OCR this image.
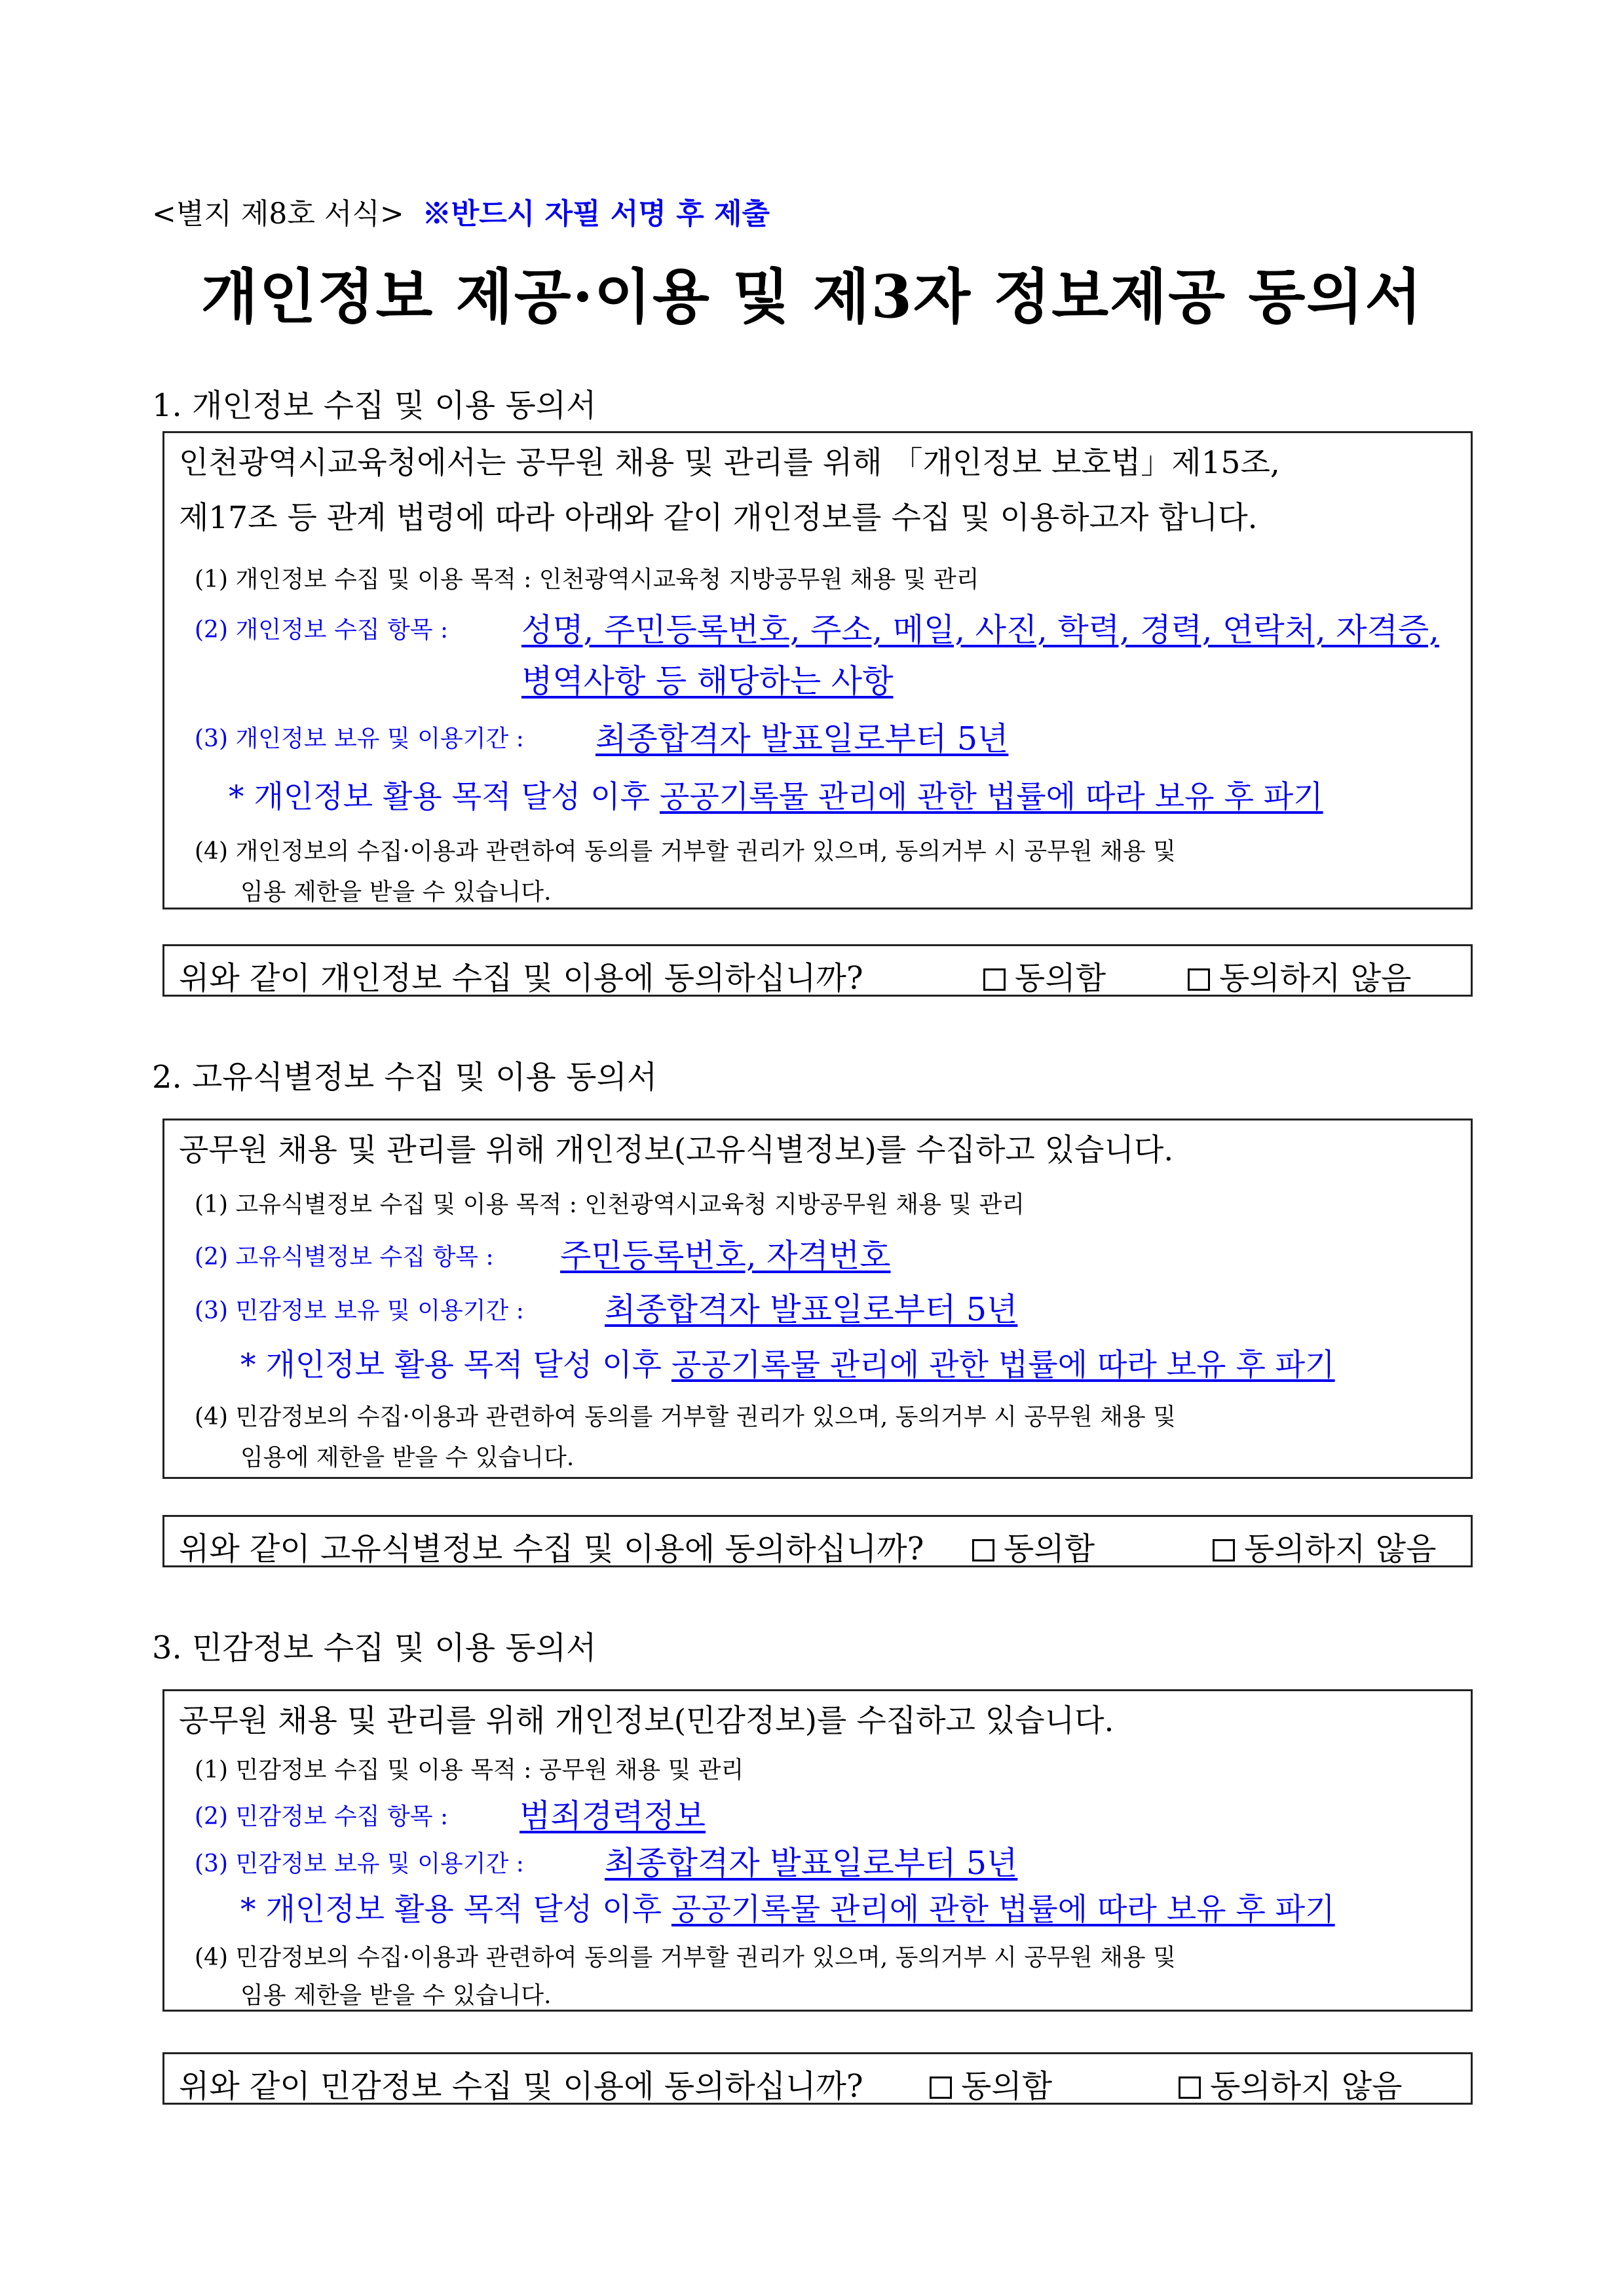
<별지 제8호 서식> ※반드시 자필 서명 후 제출
개인정보 제공·이용 및 제3자 정보제공 동의서
1. 개인정보 수집 및 이용 동의서
인천광역시교육청에서는 공무원 채용 및 관리를 위해 「개인정보 보호법」제15조,
제17조 등 관계 법령에 따라 아래와 같이 개인정보를 수집 및 이용하고자 합니다.
(1) 개인정보 수집 및 이용 목적 : 인천광역시교육청 지방공무원 채용 및 관리
(2) 개인정보 수집 항목 : 성명, 주민등록번호, 주소, 메일, 사진, 학력, 경력, 연락처, 자격증,
병역사항 등 해당하는 사항
(3) 개인정보 보유 및 이용기간 : 최종합격자 발표일로부터 5년
* 개인정보 활용 목적 달성 이후 공공기록물 관리에 관한 법률에 따라 보유 후 파기
(4) 개인정보의 수집·이용과 관련하여 동의를 거부할 권리가 있으며, 동의거부 시 공무원 채용 및
임용 제한을 받을 수 있습니다.
위와 같이 개인정보 수집 및 이용에 동의하십니까?	동의함	동의하지 않음
2. 고유식별정보 수집 및 이용 동의서
공무원 채용 및 관리를 위해 개인정보(고유식별정보)를 수집하고 있습니다.
(1) 고유식별정보 수집 및 이용 목적 : 인천광역시교육청 지방공무원 채용 및 관리
(2) 고유식별정보 수집 항목 : 주민등록번호, 자격번호
(3) 민감정보 보유 및 이용기간 :	최종합격자 발표일로부터 5년
* 개인정보 활용 목적 달성 이후 공공기록물 관리에 관한 법률에 따라 보유 후 파기
(4) 민감정보의 수집·이용과 관련하여 동의를 거부할 권리가 있으며, 동의거부 시 공무원 채용 및
임용에 제한을 받을 수 있습니다.
위와 같이 고유식별정보 수집 및 이용에 동의하십니까?	동의함	동의하지 않음
3. 민감정보 수집 및 이용 동의서
공무원 채용 및 관리를 위해 개인정보(민감정보)를 수집하고 있습니다.
(1) 민감정보 수집 및 이용 목적 : 공무원 채용 및 관리
(2) 민감정보 수집 항목 : 범죄경력정보
(3) 민감정보 보유 및 이용기간 :	최종합격자 발표일로부터 5년
* 개인정보 활용 목적 달성 이후 공공기록물 관리에 관한 법률에 따라 보유 후 파기
(4) 민감정보의 수집·이용과 관련하여 동의를 거부할 권리가 있으며, 동의거부 시 공무원 채용 및
임용 제한을 받을 수 있습니다.
위와 같이 민감정보 수집 및 이용에 동의하십니까?	동의함	동의하지 않음
